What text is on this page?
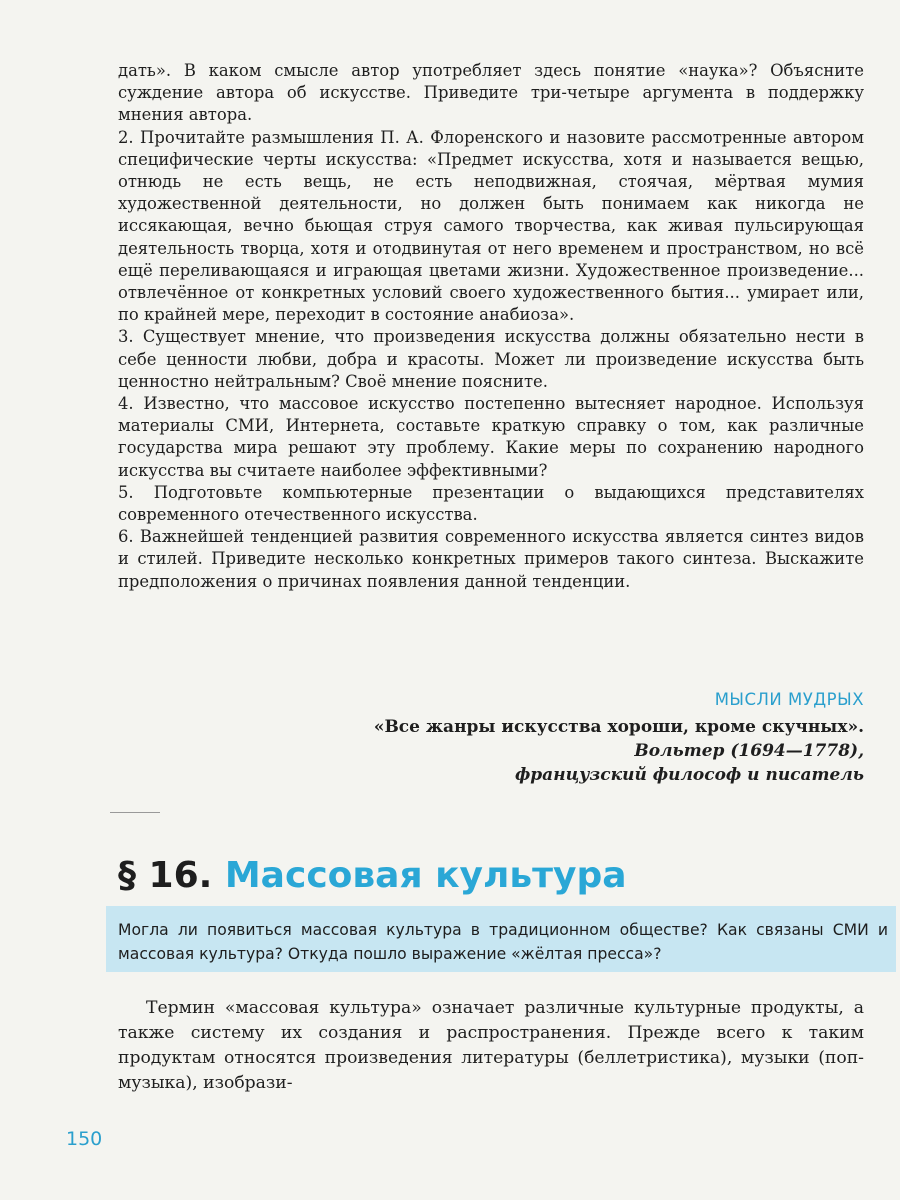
дать». В каком смысле автор употребляет здесь понятие «наука»? Объясните суждение автора об искусстве. Приведите три-четыре аргумента в поддержку мнения автора.

2. Прочитайте размышления П. А. Флоренского и назовите рассмотренные автором специфические черты искусства: «Предмет искусства, хотя и называется вещью, отнюдь не есть вещь, не есть неподвижная, стоячая, мёртвая мумия художественной деятельности, но должен быть понимаем как никогда не иссякающая, вечно бьющая струя самого творчества, как живая пульсирующая деятельность творца, хотя и отодвинутая от него временем и пространством, но всё ещё переливающаяся и играющая цветами жизни. Художественное произведение... отвлечённое от конкретных условий своего художественного бытия... умирает или, по крайней мере, переходит в состояние анабиоза».

3. Существует мнение, что произведения искусства должны обязательно нести в себе ценности любви, добра и красоты. Может ли произведение искусства быть ценностно нейтральным? Своё мнение поясните.

4. Известно, что массовое искусство постепенно вытесняет народное. Используя материалы СМИ, Интернета, составьте краткую справку о том, как различные государства мира решают эту проблему. Какие меры по сохранению народного искусства вы считаете наиболее эффективными?

5. Подготовьте компьютерные презентации о выдающихся представителях современного отечественного искусства.

6. Важнейшей тенденцией развития современного искусства является синтез видов и стилей. Приведите несколько конкретных примеров такого синтеза. Выскажите предположения о причинах появления данной тенденции.

МЫСЛИ МУДРЫХ
«Все жанры искусства хороши, кроме скучных».
Вольтер (1694—1778),
французский философ и писатель
§ 16. Массовая культура
Могла ли появиться массовая культура в традиционном обществе? Как связаны СМИ и массовая культура? Откуда пошло выражение «жёлтая пресса»?
Термин «массовая культура» означает различные культурные продукты, а также систему их создания и распространения. Прежде всего к таким продуктам относятся произведения литературы (беллетристика), музыки (поп-музыка), изобрази-
150
